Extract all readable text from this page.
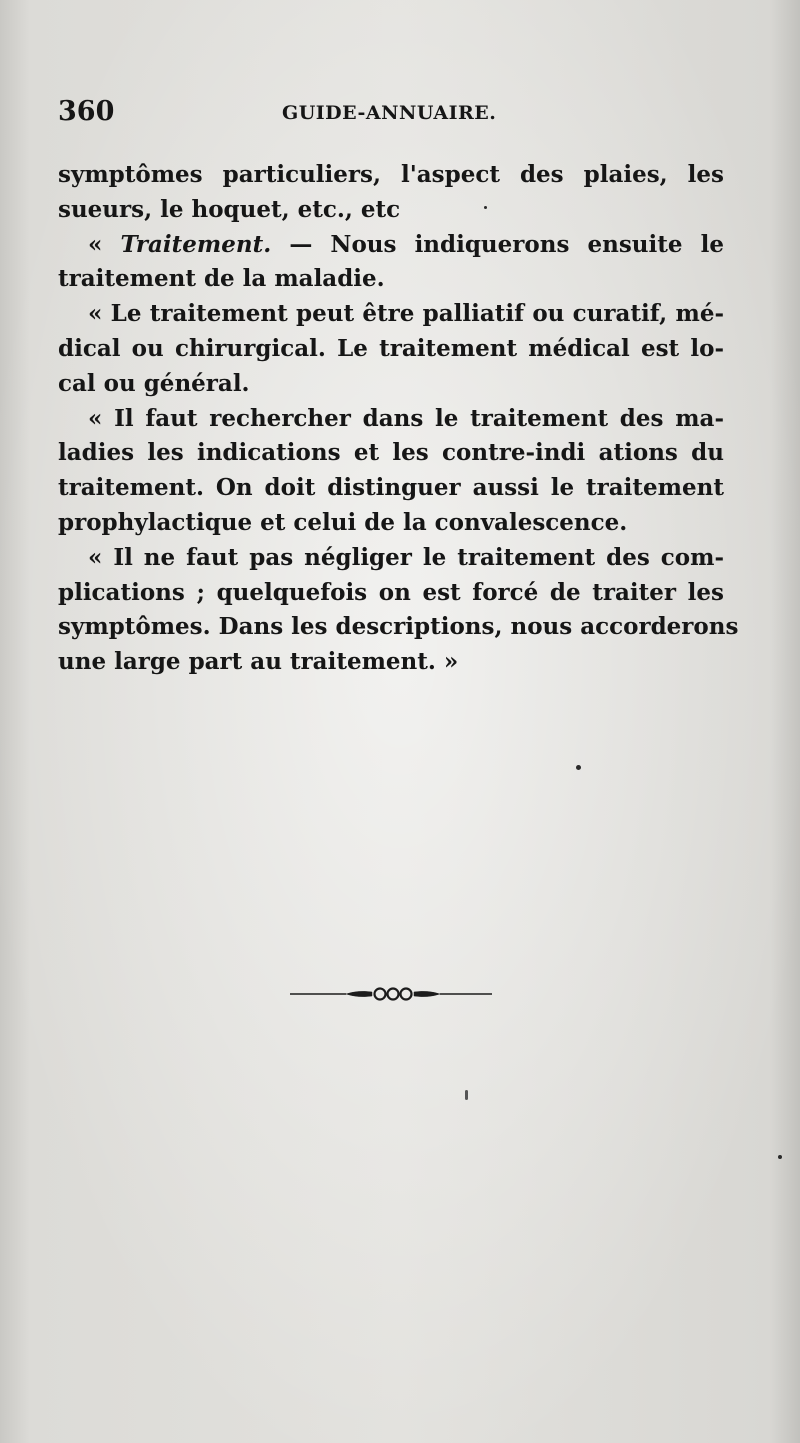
360	GUIDE-ANNUAIRE.
symptômes particuliers, l'aspect des plaies, les
sueurs, le hoquet, etc., etc
« Traitement. — Nous indiquerons ensuite le
traitement de la maladie.
« Le traitement peut être palliatif ou curatif, mé-
dical ou chirurgical. Le traitement médical est lo-
cal ou général.
« Il faut rechercher dans le traitement des ma-
ladies les indications et les contre-indi ations du
traitement. On doit distinguer aussi le traitement
prophylactique et celui de la convalescence.
« Il ne faut pas négliger le traitement des com-
plications ; quelquefois on est forcé de traiter les
symptômes. Dans les descriptions, nous accorderons
une large part au traitement. »
